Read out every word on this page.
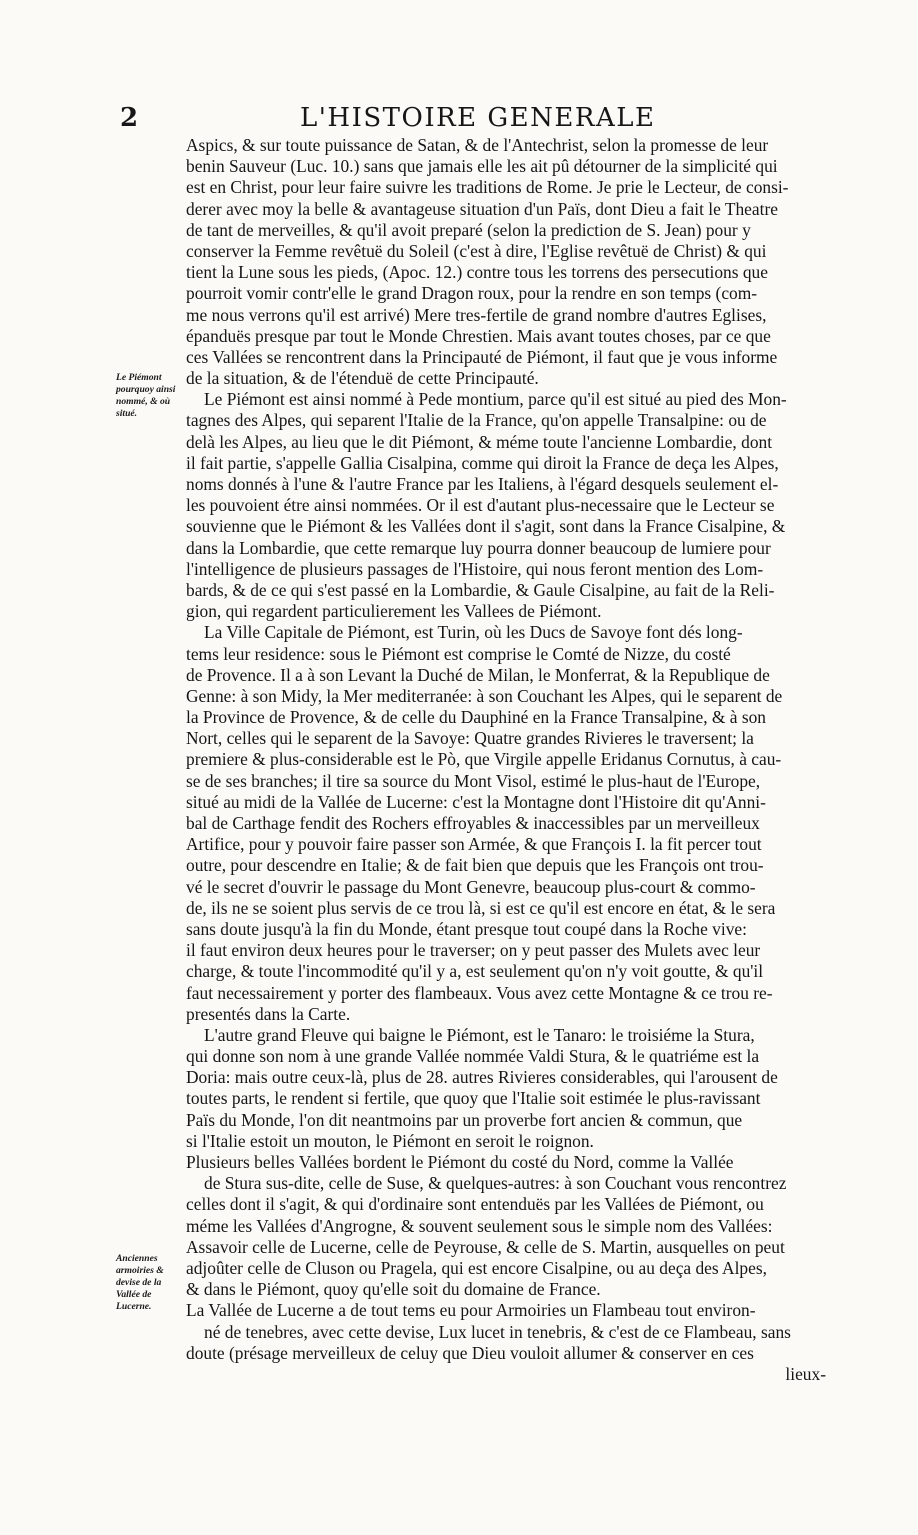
2	L'HISTOIRE GENERALE
Le Piémont pourquoy ainsi nommé, & où situé.
Anciennes armoiries & devise de la Vallée de Lucerne.
Aspics, & sur toute puissance de Satan, & de l'Antechrist, selon la promesse de leur
benin Sauveur (Luc. 10.) sans que jamais elle les ait pû détourner de la simplicité qui
est en Christ, pour leur faire suivre les traditions de Rome. Je prie le Lecteur, de consi-
derer avec moy la belle & avantageuse situation d'un Païs, dont Dieu a fait le Theatre
de tant de merveilles, & qu'il avoit preparé (selon la prediction de S. Jean) pour y
conserver la Femme revêtuë du Soleil (c'est à dire, l'Eglise revêtuë de Christ) & qui
tient la Lune sous les pieds, (Apoc. 12.) contre tous les torrens des persecutions que
pourroit vomir contr'elle le grand Dragon roux, pour la rendre en son temps (com-
me nous verrons qu'il est arrivé) Mere tres-fertile de grand nombre d'autres Eglises,
épanduës presque par tout le Monde Chrestien. Mais avant toutes choses, par ce que
ces Vallées se rencontrent dans la Principauté de Piémont, il faut que je vous informe
de la situation, & de l'étenduë de cette Principauté.
Le Piémont est ainsi nommé à Pede montium, parce qu'il est situé au pied des Mon-
tagnes des Alpes, qui separent l'Italie de la France, qu'on appelle Transalpine: ou de
delà les Alpes, au lieu que le dit Piémont, & méme toute l'ancienne Lombardie, dont
il fait partie, s'appelle Gallia Cisalpina, comme qui diroit la France de deça les Alpes,
noms donnés à l'une & l'autre France par les Italiens, à l'égard desquels seulement el-
les pouvoient étre ainsi nommées. Or il est d'autant plus-necessaire que le Lecteur se
souvienne que le Piémont & les Vallées dont il s'agit, sont dans la France Cisalpine, &
dans la Lombardie, que cette remarque luy pourra donner beaucoup de lumiere pour
l'intelligence de plusieurs passages de l'Histoire, qui nous feront mention des Lom-
bards, & de ce qui s'est passé en la Lombardie, & Gaule Cisalpine, au fait de la Reli-
gion, qui regardent particulierement les Vallees de Piémont.
La Ville Capitale de Piémont, est Turin, où les Ducs de Savoye font dés long-
tems leur residence: sous le Piémont est comprise le Comté de Nizze, du costé
de Provence. Il a à son Levant la Duché de Milan, le Monferrat, & la Republique de
Genne: à son Midy, la Mer mediterranée: à son Couchant les Alpes, qui le separent de
la Province de Provence, & de celle du Dauphiné en la France Transalpine, & à son
Nort, celles qui le separent de la Savoye: Quatre grandes Rivieres le traversent; la
premiere & plus-considerable est le Pò, que Virgile appelle Eridanus Cornutus, à cau-
se de ses branches; il tire sa source du Mont Visol, estimé le plus-haut de l'Europe,
situé au midi de la Vallée de Lucerne: c'est la Montagne dont l'Histoire dit qu'Anni-
bal de Carthage fendit des Rochers effroyables & inaccessibles par un merveilleux
Artifice, pour y pouvoir faire passer son Armée, & que François I. la fit percer tout
outre, pour descendre en Italie; & de fait bien que depuis que les François ont trou-
vé le secret d'ouvrir le passage du Mont Genevre, beaucoup plus-court & commo-
de, ils ne se soient plus servis de ce trou là, si est ce qu'il est encore en état, & le sera
sans doute jusqu'à la fin du Monde, étant presque tout coupé dans la Roche vive:
il faut environ deux heures pour le traverser; on y peut passer des Mulets avec leur
charge, & toute l'incommodité qu'il y a, est seulement qu'on n'y voit goutte, & qu'il
faut necessairement y porter des flambeaux. Vous avez cette Montagne & ce trou re-
presentés dans la Carte.
L'autre grand Fleuve qui baigne le Piémont, est le Tanaro: le troisiéme la Stura,
qui donne son nom à une grande Vallée nommée Valdi Stura, & le quatriéme est la
Doria: mais outre ceux-là, plus de 28. autres Rivieres considerables, qui l'arousent de
toutes parts, le rendent si fertile, que quoy que l'Italie soit estimée le plus-ravissant
Païs du Monde, l'on dit neantmoins par un proverbe fort ancien & commun, que
si l'Italie estoit un mouton, le Piémont en seroit le roignon.
Plusieurs belles Vallées bordent le Piémont du costé du Nord, comme la Vallée
de Stura sus-dite, celle de Suse, & quelques-autres: à son Couchant vous rencontrez
celles dont il s'agit, & qui d'ordinaire sont entenduës par les Vallées de Piémont, ou
méme les Vallées d'Angrogne, & souvent seulement sous le simple nom des Vallées:
Assavoir celle de Lucerne, celle de Peyrouse, & celle de S. Martin, ausquelles on peut
adjoûter celle de Cluson ou Pragela, qui est encore Cisalpine, ou au deça des Alpes,
& dans le Piémont, quoy qu'elle soit du domaine de France.
La Vallée de Lucerne a de tout tems eu pour Armoiries un Flambeau tout environ-
né de tenebres, avec cette devise, Lux lucet in tenebris, & c'est de ce Flambeau, sans
doute (présage merveilleux de celuy que Dieu vouloit allumer & conserver en ces
lieux-
